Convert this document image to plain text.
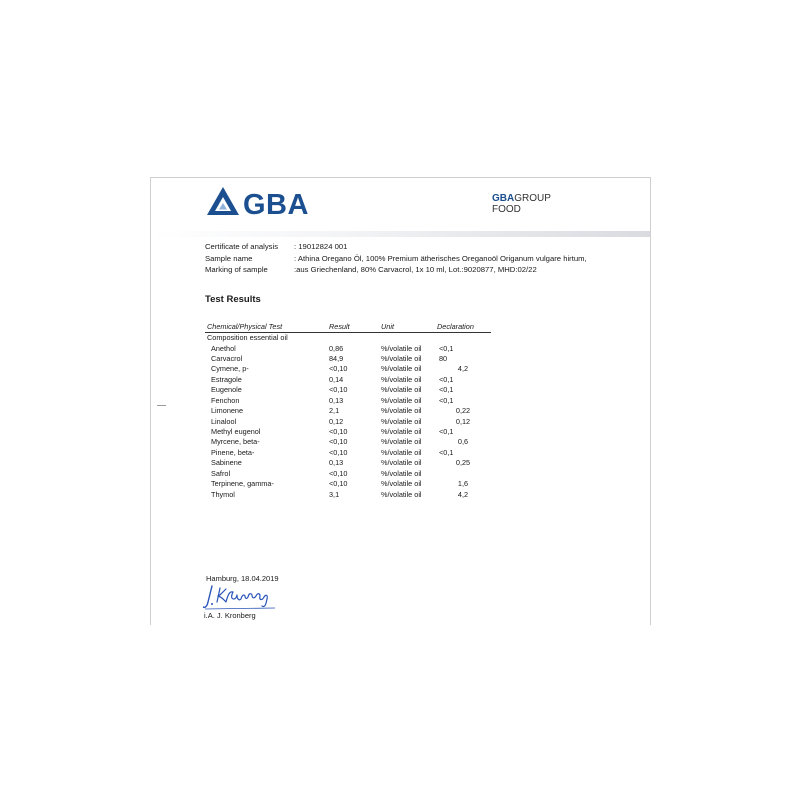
GBA	GBAGROUP
FOOD
Certificate of analysis : 19012824 001
Sample name	: Athina Oregano Öl, 100% Premium ätherisches Oreganoöl Origanum vulgare hirtum,
Marking of sample	:aus Griechenland, 80% Carvacrol, 1x 10 ml, Lot.:9020877, MHD:02/22
Test Results
Chemical/Physical Test	Result	Unit	Declaration
Composition essential oil
Anethol	0,86	%/volatile oil <0,1
Carvacrol	84,9	%/volatile oil 80
Cymene, p-	<0,10	%/volatile oil	4,2
Estragole	0,14	%/volatile oil <0,1
Eugenole	<0,10	%/volatile oil <0,1
Fenchon	0,13	%/volatile oil <0,1
Limonene	2,1	%/volatile oil	0,22
Linalool	0,12	%/volatile oil	0,12
Methyl eugenol	<0,10	%/volatile oil <0,1
Myrcene, beta-	<0,10	%/volatile oil	0,6
Pinene, beta-	<0,10	%/volatile oil <0,1
Sabinene	0,13	%/volatile oil	0,25
Safrol	<0,10	%/volatile oil
Terpinene, gamma-	<0,10	%/volatile oil	1,6
Thymol	3,1	%/volatile oil	4,2
Hamburg, 18.04.2019
i.A. J. Kronberg
